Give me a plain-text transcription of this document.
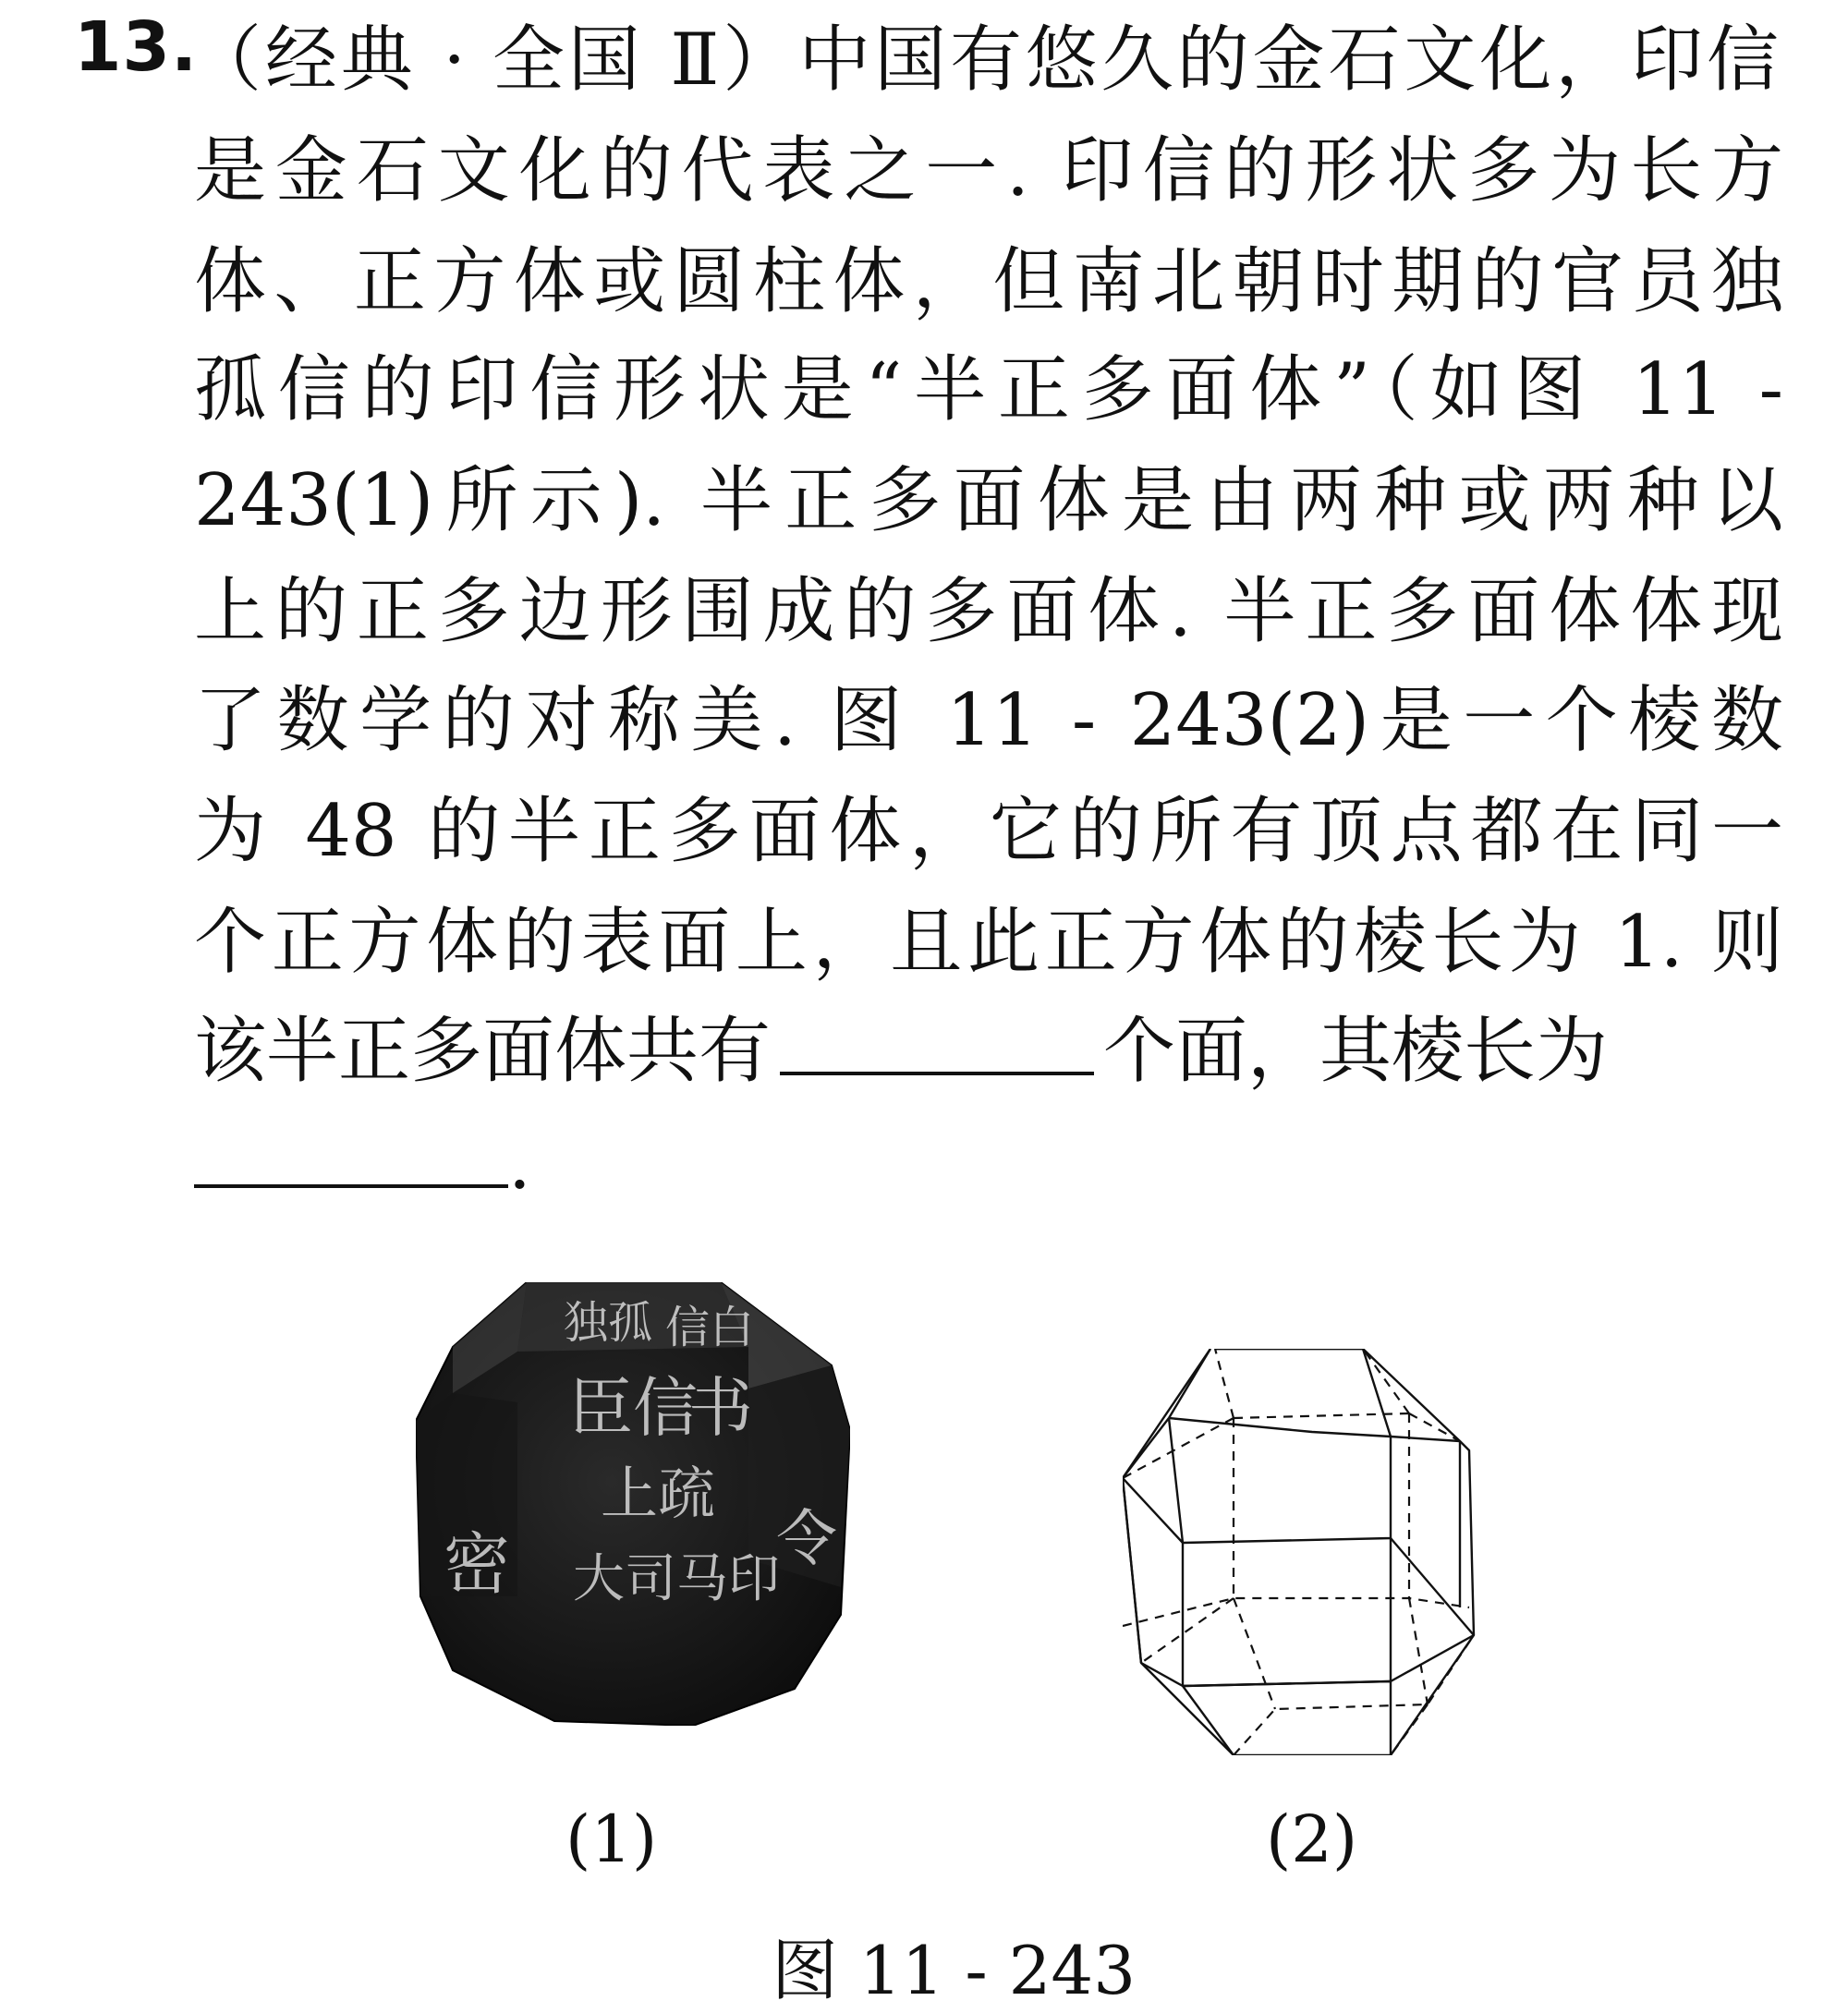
13.
（经典 · 全国 Ⅱ）中国有悠久的金石文化，印信
是金石文化的代表之一. 印信的形状多为长方
体、正方体或圆柱体，但南北朝时期的官员独
孤信的印信形状是“半正多面体”（如图 11 -
243(1)所示). 半正多面体是由两种或两种以
上的正多边形围成的多面体. 半正多面体体现
了数学的对称美. 图 11 - 243(2)是一个棱数
为 48 的半正多面体，它的所有顶点都在同一
个正方体的表面上，且此正方体的棱长为 1. 则
该半正多面体共有	个面，其棱长为
.
独孤 信白
书
臣信
上疏
密 大司马印
令
(1)	(2)
图 11 - 243
